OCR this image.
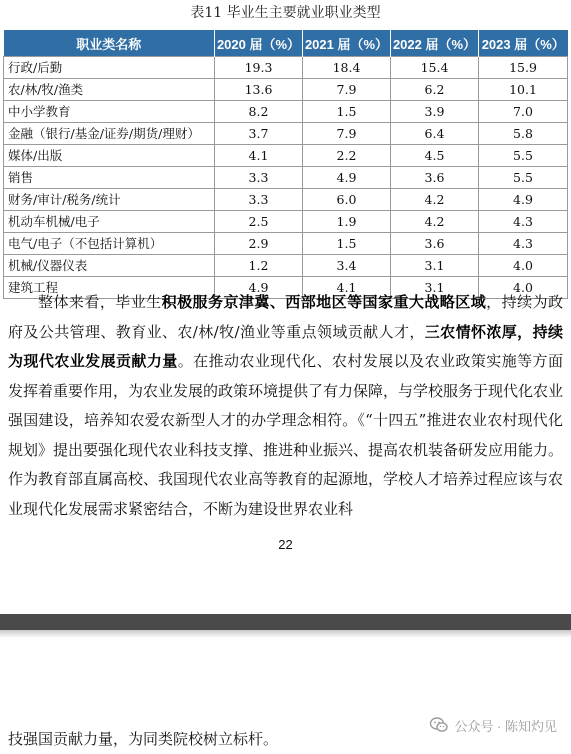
表11 毕业生主要就业职业类型
职业类名称	2020 届（%）	2021 届（%）	2022 届（%）	2023 届（%）
行政/后勤	19.3	18.4	15.4	15.9
农/林/牧/渔类	13.6	7.9	6.2	10.1
中小学教育	8.2	1.5	3.9	7.0
金融（银行/基金/证券/期货/理财）	3.7	7.9	6.4	5.8
媒体/出版	4.1	2.2	4.5	5.5
销售	3.3	4.9	3.6	5.5
财务/审计/税务/统计	3.3	6.0	4.2	4.9
机动车机械/电子	2.5	1.9	4.2	4.3
电气/电子（不包括计算机）	2.9	1.5	3.6	4.3
机械/仪器仪表	1.2	3.4	3.1	4.0
建筑工程	4.9	4.1	3.1	4.0

整体来看，毕业生积极服务京津冀、西部地区等国家重大战略区域，持续为政府及公共管理、教育业、农/林/牧/渔业等重点领域贡献人才，三农情怀浓厚，持续为现代农业发展贡献力量。在推动农业现代化、农村发展以及农业政策实施等方面发挥着重要作用，为农业发展的政策环境提供了有力保障，与学校服务于现代化农业强国建设，培养知农爱农新型人才的办学理念相符。《“十四五”推进农业农村现代化规划》提出要强化现代农业科技支撑、推进种业振兴、提高农机装备研发应用能力。作为教育部直属高校、我国现代农业高等教育的起源地，学校人才培养过程应该与农业现代化发展需求紧密结合，不断为建设世界农业科

22
技强国贡献力量，为同类院校树立标杆。
公众号 · 陈知灼见
